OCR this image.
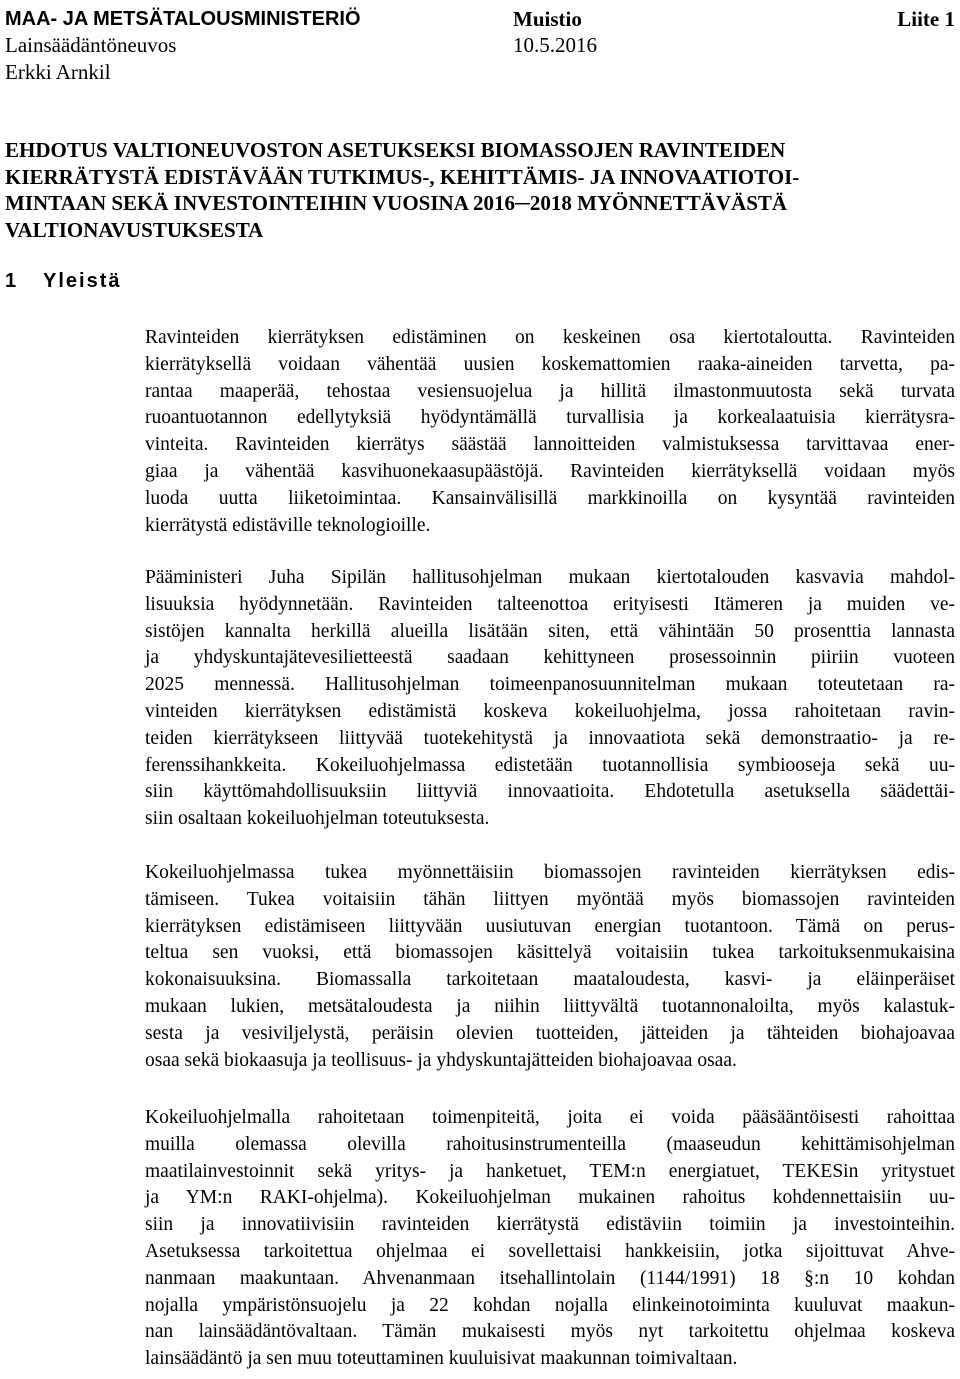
MAA- JA METSÄTALOUSMINISTERIÖ	Muistio	Liite 1
Lainsäädäntöneuvos	10.5.2016
Erkki Arnkil
EHDOTUS VALTIONEUVOSTON ASETUKSEKSI BIOMASSOJEN RAVINTEIDEN
KIERRÄTYSTÄ EDISTÄVÄÄN TUTKIMUS-, KEHITTÄMIS- JA INNOVAATIOTOI-
MINTAAN SEKÄ INVESTOINTEIHIN VUOSINA 2016─2018 MYÖNNETTÄVÄSTÄ
VALTIONAVUSTUKSESTA
1 Yleistä
Ravinteiden kierrätyksen edistäminen on keskeinen osa kiertotaloutta. Ravinteiden
kierrätyksellä voidaan vähentää uusien koskemattomien raaka-aineiden tarvetta, pa-
rantaa maaperää, tehostaa vesiensuojelua ja hillitä ilmastonmuutosta sekä turvata
ruoantuotannon edellytyksiä hyödyntämällä turvallisia ja korkealaatuisia kierrätysra-
vinteita. Ravinteiden kierrätys säästää lannoitteiden valmistuksessa tarvittavaa ener-
giaa ja vähentää kasvihuonekaasupäästöjä. Ravinteiden kierrätyksellä voidaan myös
luoda uutta liiketoimintaa. Kansainvälisillä markkinoilla on kysyntää ravinteiden
kierrätystä edistäville teknologioille.
Pääministeri Juha Sipilän hallitusohjelman mukaan kiertotalouden kasvavia mahdol-
lisuuksia hyödynnetään. Ravinteiden talteenottoa erityisesti Itämeren ja muiden ve-
sistöjen kannalta herkillä alueilla lisätään siten, että vähintään 50 prosenttia lannasta
ja yhdyskuntajätevesilietteestä saadaan kehittyneen prosessoinnin piiriin vuoteen
2025 mennessä. Hallitusohjelman toimeenpanosuunnitelman mukaan toteutetaan ra-
vinteiden kierrätyksen edistämistä koskeva kokeiluohjelma, jossa rahoitetaan ravin-
teiden kierrätykseen liittyvää tuotekehitystä ja innovaatiota sekä demonstraatio- ja re-
ferenssihankkeita. Kokeiluohjelmassa edistetään tuotannollisia symbiooseja sekä uu-
siin käyttömahdollisuuksiin liittyviä innovaatioita. Ehdotetulla asetuksella säädettäi-
siin osaltaan kokeiluohjelman toteutuksesta.
Kokeiluohjelmassa tukea myönnettäisiin biomassojen ravinteiden kierrätyksen edis-
tämiseen. Tukea voitaisiin tähän liittyen myöntää myös biomassojen ravinteiden
kierrätyksen edistämiseen liittyvään uusiutuvan energian tuotantoon. Tämä on perus-
teltua sen vuoksi, että biomassojen käsittelyä voitaisiin tukea tarkoituksenmukaisina
kokonaisuuksina. Biomassalla tarkoitetaan maataloudesta, kasvi- ja eläinperäiset
mukaan lukien, metsätaloudesta ja niihin liittyvältä tuotannonaloilta, myös kalastuk-
sesta ja vesiviljelystä, peräisin olevien tuotteiden, jätteiden ja tähteiden biohajoavaa
osaa sekä biokaasuja ja teollisuus- ja yhdyskuntajätteiden biohajoavaa osaa.
Kokeiluohjelmalla rahoitetaan toimenpiteitä, joita ei voida pääsääntöisesti rahoittaa
muilla olemassa olevilla rahoitusinstrumenteilla (maaseudun kehittämisohjelman
maatilainvestoinnit sekä yritys- ja hanketuet, TEM:n energiatuet, TEKESin yritystuet
ja YM:n RAKI-ohjelma). Kokeiluohjelman mukainen rahoitus kohdennettaisiin uu-
siin ja innovatiivisiin ravinteiden kierrätystä edistäviin toimiin ja investointeihin.
Asetuksessa tarkoitettua ohjelmaa ei sovellettaisi hankkeisiin, jotka sijoittuvat Ahve-
nanmaan maakuntaan. Ahvenanmaan itsehallintolain (1144/1991) 18 §:n 10 kohdan
nojalla ympäristönsuojelu ja 22 kohdan nojalla elinkeinotoiminta kuuluvat maakun-
nan lainsäädäntövaltaan. Tämän mukaisesti myös nyt tarkoitettu ohjelmaa koskeva
lainsäädäntö ja sen muu toteuttaminen kuuluisivat maakunnan toimivaltaan.
